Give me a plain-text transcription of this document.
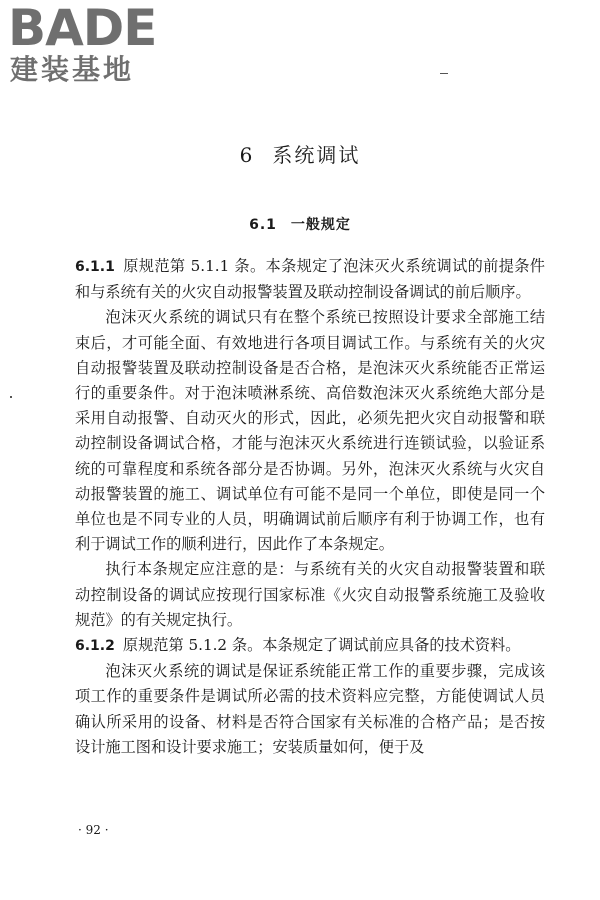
BADE
建装基地
6 系统调试
6.1 一般规定

6.1.1 原规范第 5.1.1 条。本条规定了泡沫灭火系统调试的前提条件和与系统有关的火灾自动报警装置及联动控制设备调试的前后顺序。

泡沫灭火系统的调试只有在整个系统已按照设计要求全部施工结束后，才可能全面、有效地进行各项目调试工作。与系统有关的火灾自动报警装置及联动控制设备是否合格，是泡沫灭火系统能否正常运行的重要条件。对于泡沫喷淋系统、高倍数泡沫灭火系统绝大部分是采用自动报警、自动灭火的形式，因此，必须先把火灾自动报警和联动控制设备调试合格，才能与泡沫灭火系统进行连锁试验，以验证系统的可靠程度和系统各部分是否协调。另外，泡沫灭火系统与火灾自动报警装置的施工、调试单位有可能不是同一个单位，即使是同一个单位也是不同专业的人员，明确调试前后顺序有利于协调工作，也有利于调试工作的顺利进行，因此作了本条规定。

执行本条规定应注意的是：与系统有关的火灾自动报警装置和联动控制设备的调试应按现行国家标准《火灾自动报警系统施工及验收规范》的有关规定执行。

6.1.2 原规范第 5.1.2 条。本条规定了调试前应具备的技术资料。

泡沫灭火系统的调试是保证系统能正常工作的重要步骤，完成该项工作的重要条件是调试所必需的技术资料应完整，方能使调试人员确认所采用的设备、材料是否符合国家有关标准的合格产品；是否按设计施工图和设计要求施工；安装质量如何，便于及

· 92 ·
